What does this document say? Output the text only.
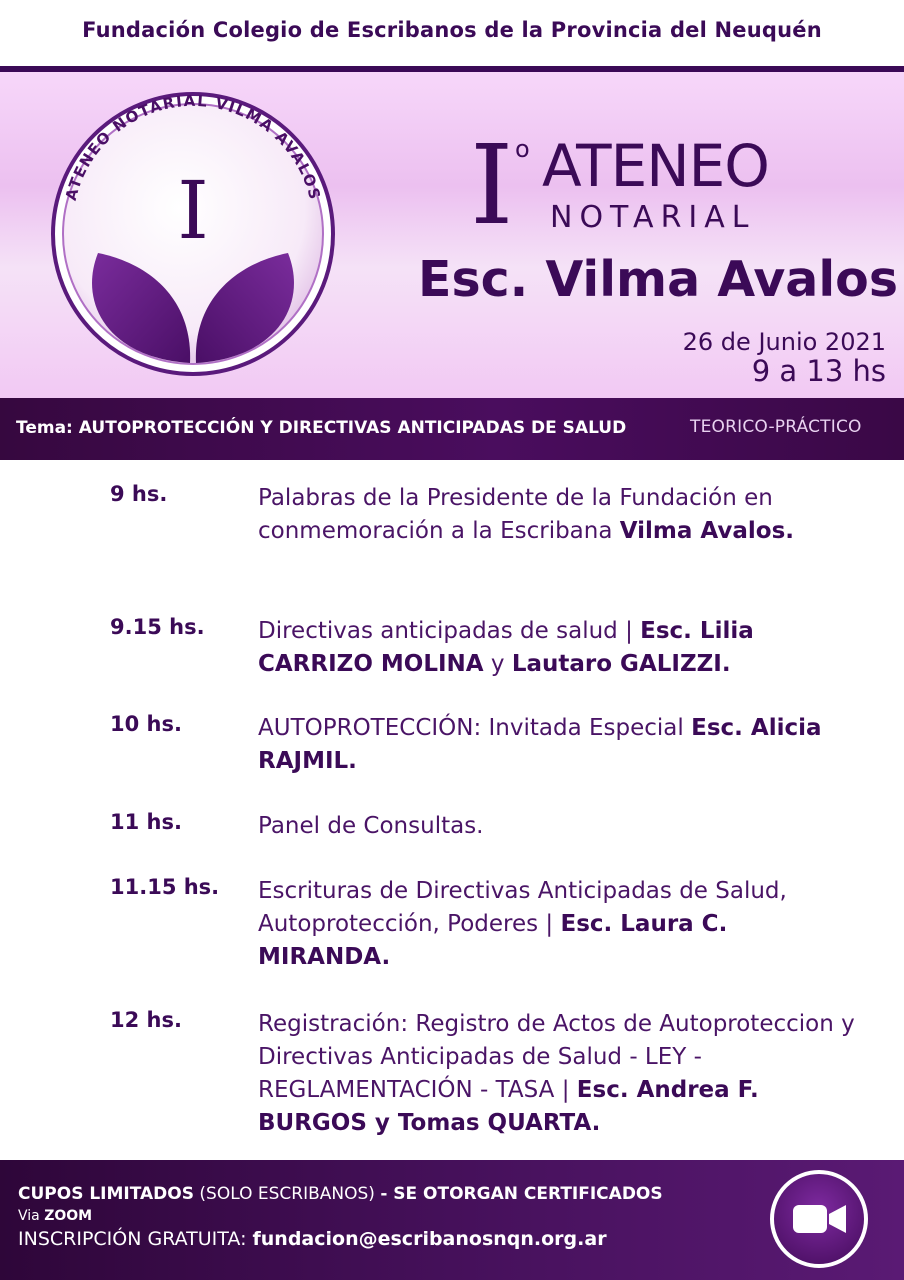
Fundación Colegio de Escribanos de la Provincia del Neuquén
ATENEO NOTARIAL VILMA AVALOS
I I o ATENEO
NOTARIAL
Esc. Vilma Avalos
26 de Junio 2021
9 a 13 hs
Tema: AUTOPROTECCIÓN Y DIRECTIVAS ANTICIPADAS DE SALUD	TEORICO-PRÁCTICO
9 hs.	Palabras de la Presidente de la Fundación en conmemoración a la Escribana Vilma Avalos.
9.15 hs. Directivas anticipadas de salud | Esc. Lilia CARRIZO MOLINA y Lautaro GALIZZI.
10 hs.	AUTOPROTECCIÓN: Invitada Especial Esc. Alicia RAJMIL.
11 hs.	Panel de Consultas.
11.15 hs. Escrituras de Directivas Anticipadas de Salud, Autoprotección, Poderes | Esc. Laura C. MIRANDA.
12 hs.	Registración: Registro de Actos de Autoproteccion y Directivas Anticipadas de Salud - LEY - REGLAMENTACIÓN - TASA | Esc. Andrea F. BURGOS y Tomas QUARTA.
CUPOS LIMITADOS (SOLO ESCRIBANOS) - SE OTORGAN CERTIFICADOS
Via ZOOM
INSCRIPCIÓN GRATUITA: fundacion@escribanosnqn.org.ar
